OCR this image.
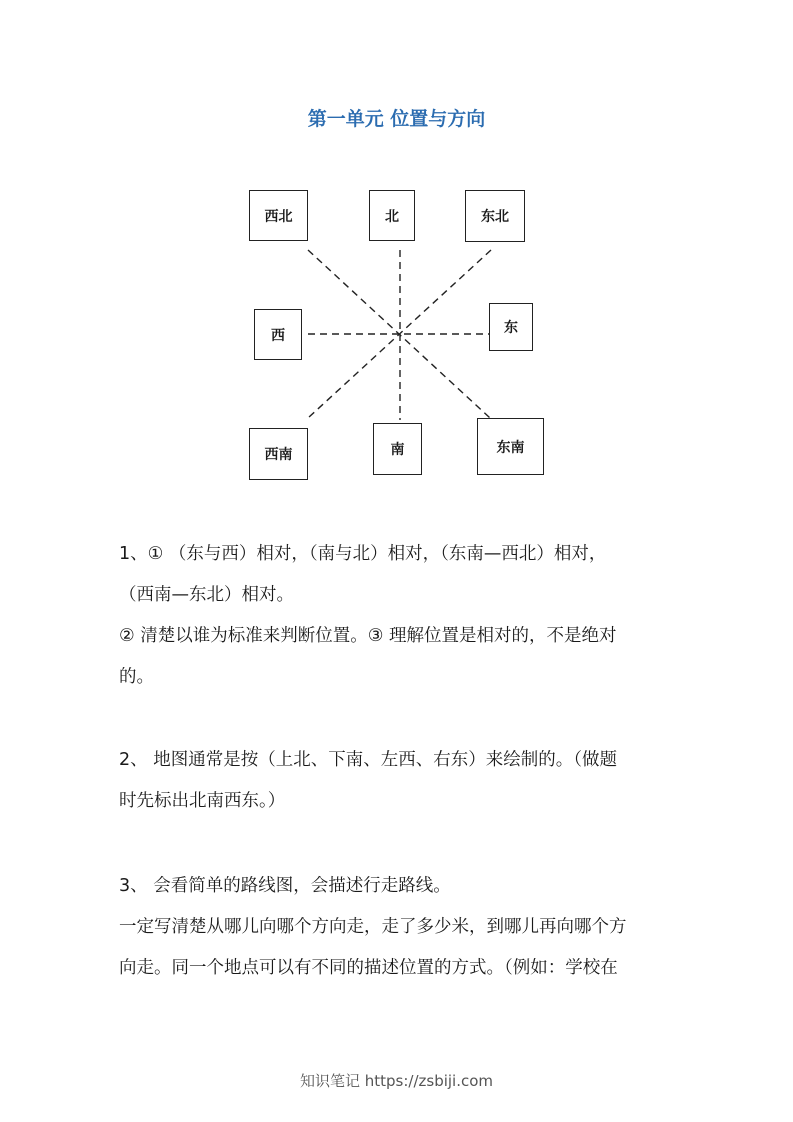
第一单元 位置与方向
西北	北	东北
西	东
西南	南	东南

1、① （东与西）相对，（南与北）相对，（东南—西北）相对，

（西南—东北）相对。

② 清楚以谁为标准来判断位置。③ 理解位置是相对的，不是绝对

的。

2、 地图通常是按（上北、下南、左西、右东）来绘制的。（做题

时先标出北南西东。）

3、 会看简单的路线图，会描述行走路线。

一定写清楚从哪儿向哪个方向走，走了多少米，到哪儿再向哪个方

向走。同一个地点可以有不同的描述位置的方式。（例如：学校在

知识笔记 https://zsbiji.com
